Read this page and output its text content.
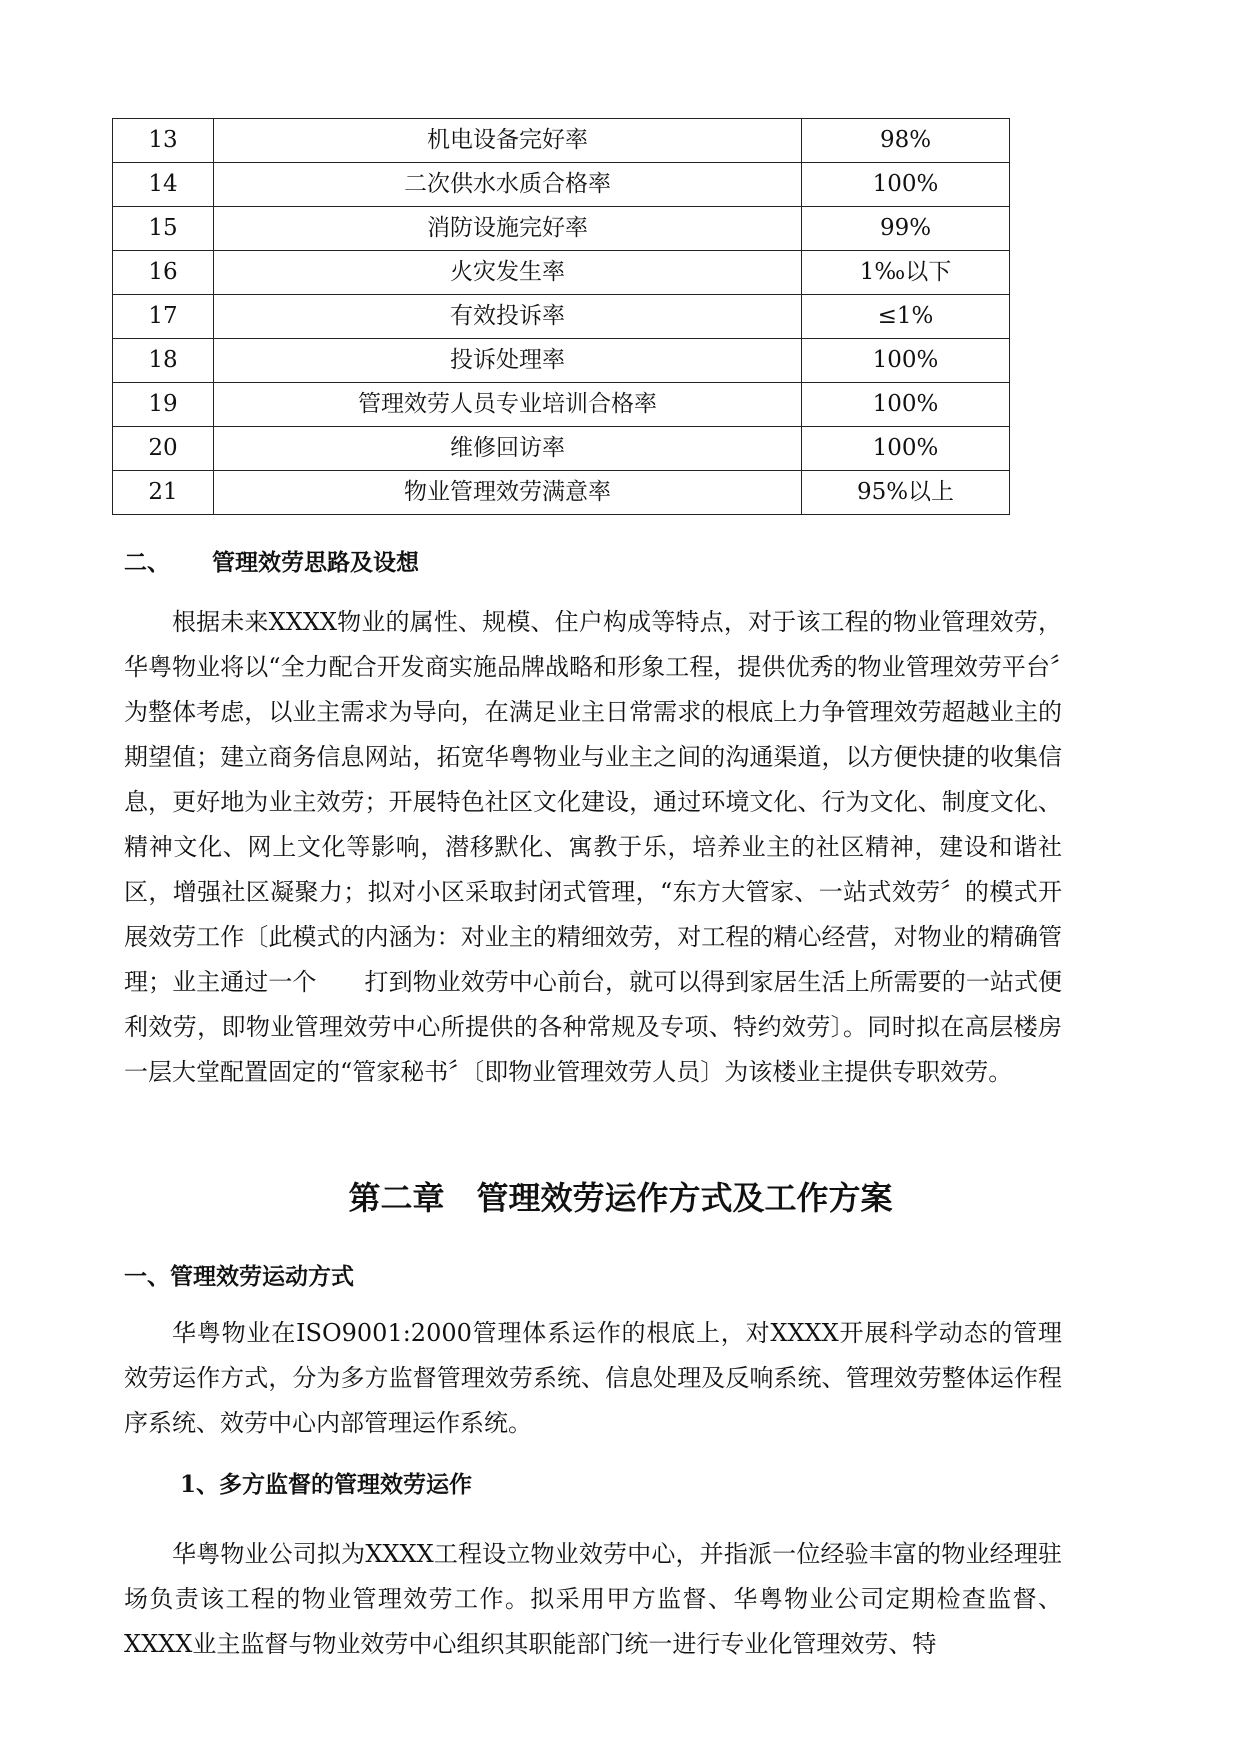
13	机电设备完好率	98%
14	二次供水水质合格率	100%
15	消防设施完好率	99%
16	火灾发生率	1‰以下
17	有效投诉率	≤1%
18	投诉处理率	100%
19	管理效劳人员专业培训合格率	100%
20	维修回访率	100%
21	物业管理效劳满意率	95%以上
二、 管理效劳思路及设想

根据未来XXXX物业的属性、规模、住户构成等特点，对于该工程的物业管理效劳，华粤物业将以“全力配合开发商实施品牌战略和形象工程，提供优秀的物业管理效劳平台〞为整体考虑，以业主需求为导向，在满足业主日常需求的根底上力争管理效劳超越业主的期望值；建立商务信息网站，拓宽华粤物业与业主之间的沟通渠道，以方便快捷的收集信息，更好地为业主效劳；开展特色社区文化建设，通过环境文化、行为文化、制度文化、精神文化、网上文化等影响，潜移默化、寓教于乐，培养业主的社区精神，建设和谐社区，增强社区凝聚力；拟对小区采取封闭式管理，“东方大管家、一站式效劳〞的模式开展效劳工作〔此模式的内涵为：对业主的精细效劳，对工程的精心经营，对物业的精确管理；业主通过一个　　打到物业效劳中心前台，就可以得到家居生活上所需要的一站式便利效劳，即物业管理效劳中心所提供的各种常规及专项、特约效劳〕。同时拟在高层楼房一层大堂配置固定的“管家秘书〞〔即物业管理效劳人员〕为该楼业主提供专职效劳。

第二章　管理效劳运作方式及工作方案
一、管理效劳运动方式

华粤物业在ISO9001:2000管理体系运作的根底上，对XXXX开展科学动态的管理效劳运作方式，分为多方监督管理效劳系统、信息处理及反响系统、管理效劳整体运作程序系统、效劳中心内部管理运作系统。

1、多方监督的管理效劳运作

华粤物业公司拟为XXXX工程设立物业效劳中心，并指派一位经验丰富的物业经理驻场负责该工程的物业管理效劳工作。拟采用甲方监督、华粤物业公司定期检查监督、XXXX业主监督与物业效劳中心组织其职能部门统一进行专业化管理效劳、特
